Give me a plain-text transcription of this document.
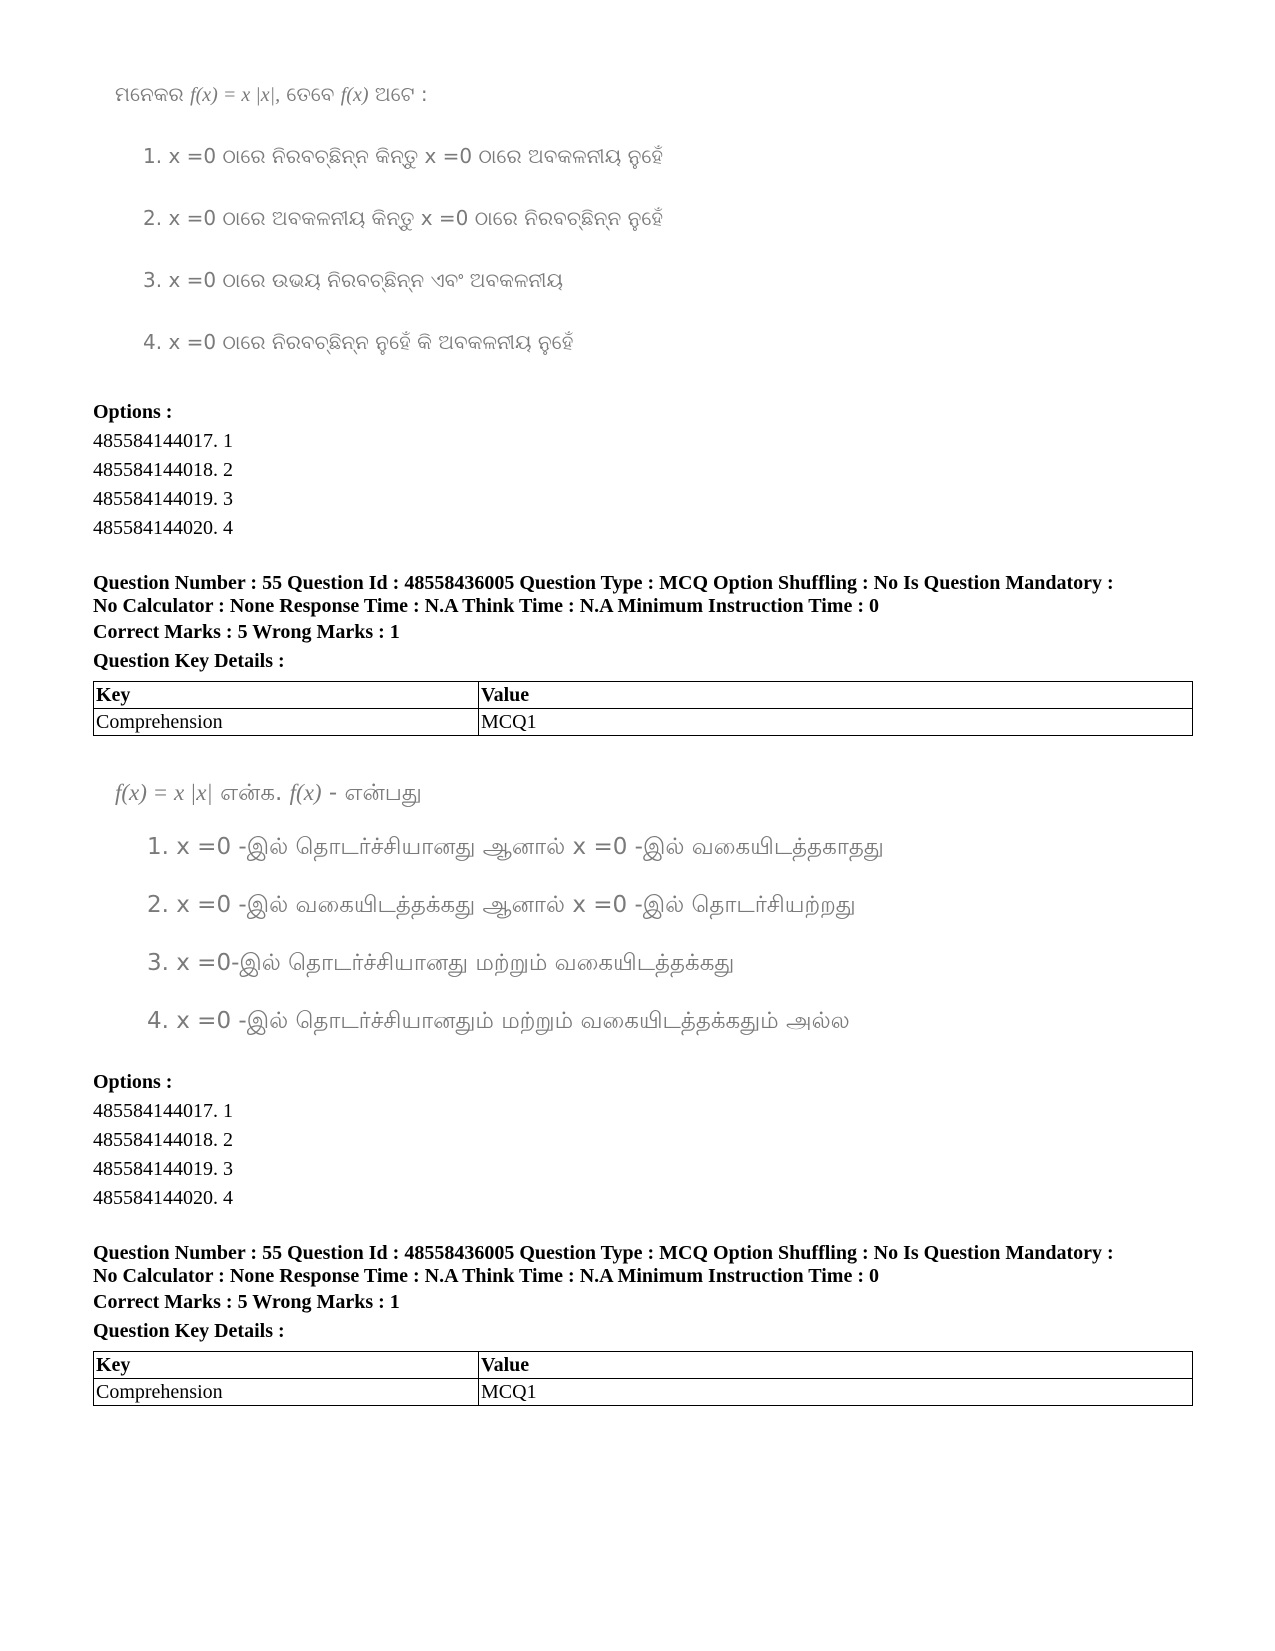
ମନେକର f(x) = x |x|, ତେବେ f(x) ଅଟେ :
1. x =0 ଠାରେ ନିରବଚ୍ଛିନ୍ନ କିନ୍ତୁ x =0 ଠାରେ ଅବକଳନୀୟ ନୁହେଁ
2. x =0 ଠାରେ ଅବକଳନୀୟ କିନ୍ତୁ x =0 ଠାରେ ନିରବଚ୍ଛିନ୍ନ ନୁହେଁ
3. x =0 ଠାରେ ଉଭୟ ନିରବଚ୍ଛିନ୍ନ ଏବଂ ଅବକଳନୀୟ
4. x =0 ଠାରେ ନିରବଚ୍ଛିନ୍ନ ନୁହେଁ କି ଅବକଳନୀୟ ନୁହେଁ
Options :
485584144017. 1
485584144018. 2
485584144019. 3
485584144020. 4
Question Number : 55 Question Id : 48558436005 Question Type : MCQ Option Shuffling : No Is Question Mandatory :
No Calculator : None Response Time : N.A Think Time : N.A Minimum Instruction Time : 0
Correct Marks : 5 Wrong Marks : 1
Question Key Details :
Key	Value
Comprehension	MCQ1
f(x) = x |x| என்க. f(x) - என்பது
1. x =0 -இல் தொடர்ச்சியானது ஆனால் x =0 -இல் வகையிடத்தகாதது
2. x =0 -இல் வகையிடத்தக்கது ஆனால் x =0 -இல் தொடர்சியற்றது
3. x =0-இல் தொடர்ச்சியானது மற்றும் வகையிடத்தக்கது
4. x =0 -இல் தொடர்ச்சியானதும் மற்றும் வகையிடத்தக்கதும் அல்ல
Options :
485584144017. 1
485584144018. 2
485584144019. 3
485584144020. 4
Question Number : 55 Question Id : 48558436005 Question Type : MCQ Option Shuffling : No Is Question Mandatory :
No Calculator : None Response Time : N.A Think Time : N.A Minimum Instruction Time : 0
Correct Marks : 5 Wrong Marks : 1
Question Key Details :
Key	Value
Comprehension	MCQ1
